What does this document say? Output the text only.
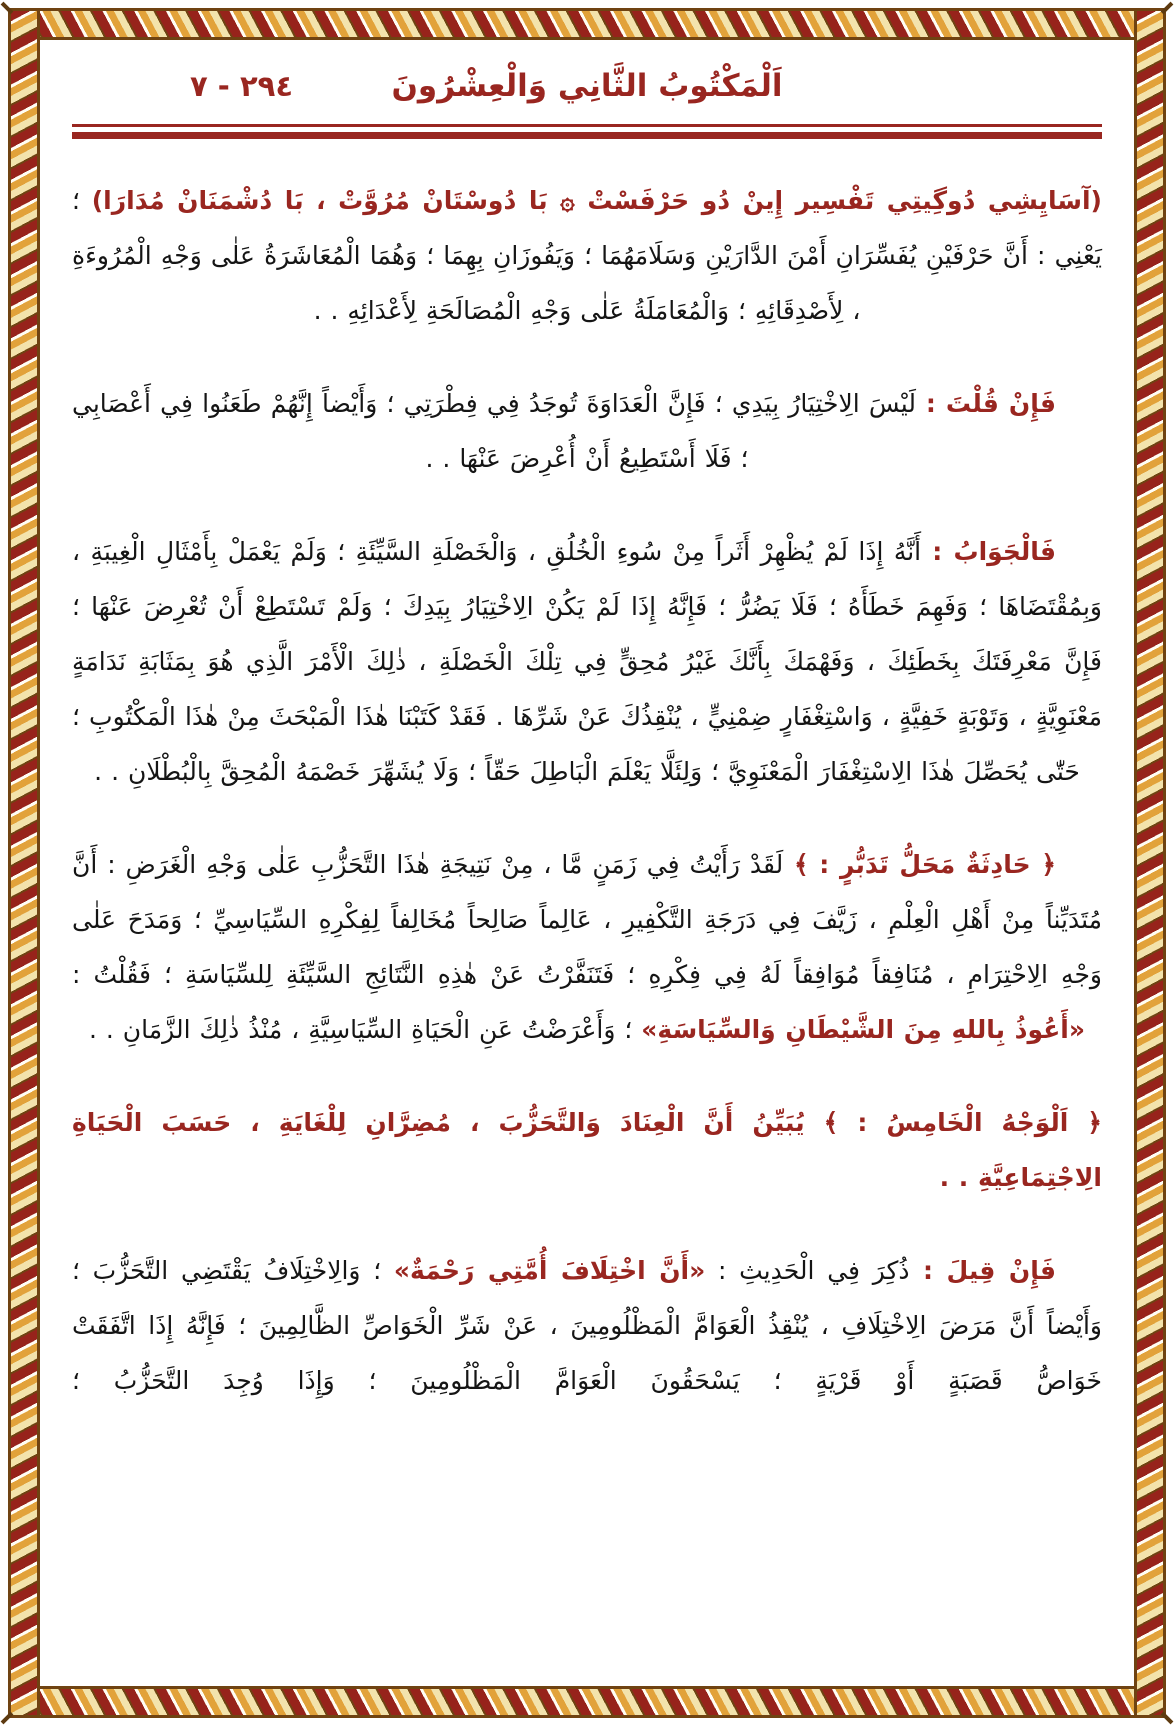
٢٩٤ - ٧	اَلْمَكْتُوبُ الثَّانِي وَالْعِشْرُونَ

(آسَايِشِي دُوگِيتِي تَفْسِير إِينْ دُو حَرْفَسْتْ ۞ بَا دُوسْتَانْ مُرُوَّتْ ، بَا دُشْمَنَانْ مُدَارَا) ؛ يَعْنِي : أَنَّ حَرْفَيْنِ يُفَسِّرَانِ أَمْنَ الدَّارَيْنِ وَسَلَامَهُمَا ؛ وَيَفُوزَانِ بِهِمَا ؛ وَهُمَا الْمُعَاشَرَةُ عَلٰى وَجْهِ الْمُرُوءَةِ ، لِأَصْدِقَائِهِ ؛ وَالْمُعَامَلَةُ عَلٰى وَجْهِ الْمُصَالَحَةِ لِأَعْدَائِهِ . .

فَإِنْ قُلْتَ : لَيْسَ الِاخْتِيَارُ بِيَدِي ؛ فَإِنَّ الْعَدَاوَةَ تُوجَدُ فِي فِطْرَتِي ؛ وَأَيْضاً إِنَّهُمْ طَعَنُوا فِي أَعْصَابِي ؛ فَلَا أَسْتَطِيعُ أَنْ أُعْرِضَ عَنْهَا . .

فَالْجَوَابُ : أَنَّهُ إِذَا لَمْ يُظْهِرْ أَثَراً مِنْ سُوءِ الْخُلُقِ ، وَالْخَصْلَةِ السَّيِّئَةِ ؛ وَلَمْ يَعْمَلْ بِأَمْثَالِ الْغِيبَةِ ، وَبِمُقْتَضَاهَا ؛ وَفَهِمَ خَطَأَهُ ؛ فَلَا يَضُرُّ ؛ فَإِنَّهُ إِذَا لَمْ يَكُنْ الِاخْتِيَارُ بِيَدِكَ ؛ وَلَمْ تَسْتَطِعْ أَنْ تُعْرِضَ عَنْهَا ؛ فَإِنَّ مَعْرِفَتَكَ بِخَطَئِكَ ، وَفَهْمَكَ بِأَنَّكَ غَيْرُ مُحِقٍّ فِي تِلْكَ الْخَصْلَةِ ، ذٰلِكَ الْأَمْرَ الَّذِي هُوَ بِمَثَابَةِ نَدَامَةٍ مَعْنَوِيَّةٍ ، وَتَوْبَةٍ خَفِيَّةٍ ، وَاسْتِغْفَارٍ ضِمْنِيٍّ ، يُنْقِذُكَ عَنْ شَرِّهَا . فَقَدْ كَتَبْنَا هٰذَا الْمَبْحَثَ مِنْ هٰذَا الْمَكْتُوبِ ؛ حَتّٰى يُحَصِّلَ هٰذَا الِاسْتِغْفَارَ الْمَعْنَوِيَّ ؛ وَلِئَلَّا يَعْلَمَ الْبَاطِلَ حَقّاً ؛ وَلَا يُشَهِّرَ خَصْمَهُ الْمُحِقَّ بِالْبُطْلَانِ . .

﴿ حَادِثَةٌ مَحَلُّ تَدَبُّرٍ : ﴾ لَقَدْ رَأَيْتُ فِي زَمَنٍ مَّا ، مِنْ نَتِيجَةِ هٰذَا التَّحَزُّبِ عَلٰى وَجْهِ الْغَرَضِ : أَنَّ مُتَدَيِّناً مِنْ أَهْلِ الْعِلْمِ ، زَيَّفَ فِي دَرَجَةِ التَّكْفِيرِ ، عَالِماً صَالِحاً مُخَالِفاً لِفِكْرِهِ السِّيَاسِيِّ ؛ وَمَدَحَ عَلٰى وَجْهِ الِاحْتِرَامِ ، مُنَافِقاً مُوَافِقاً لَهُ فِي فِكْرِهِ ؛ فَتَنَفَّرْتُ عَنْ هٰذِهِ النَّتَائِجِ السَّيِّئَةِ لِلسِّيَاسَةِ ؛ فَقُلْتُ : «أَعُوذُ بِاللهِ مِنَ الشَّيْطَانِ وَالسِّيَاسَةِ» ؛ وَأَعْرَضْتُ عَنِ الْحَيَاةِ السِّيَاسِيَّةِ ، مُنْذُ ذٰلِكَ الزَّمَانِ . .

﴿ اَلْوَجْهُ الْخَامِسُ : ﴾ يُبَيِّنُ أَنَّ الْعِنَادَ وَالتَّحَزُّبَ ، مُضِرَّانِ لِلْغَايَةِ ، حَسَبَ الْحَيَاةِ الِاجْتِمَاعِيَّةِ . .

فَإِنْ قِيلَ : ذُكِرَ فِي الْحَدِيثِ : «أَنَّ اخْتِلَافَ أُمَّتِي رَحْمَةٌ» ؛ وَالِاخْتِلَافُ يَقْتَضِي التَّحَزُّبَ ؛ وَأَيْضاً أَنَّ مَرَضَ الِاخْتِلَافِ ، يُنْقِذُ الْعَوَامَّ الْمَظْلُومِينَ ، عَنْ شَرِّ الْخَوَاصِّ الظَّالِمِينَ ؛ فَإِنَّهُ إِذَا اتَّفَقَتْ خَوَاصُّ قَصَبَةٍ أَوْ قَرْيَةٍ ؛ يَسْحَقُونَ الْعَوَامَّ الْمَظْلُومِينَ ؛ وَإِذَا وُجِدَ التَّحَزُّبُ ؛
